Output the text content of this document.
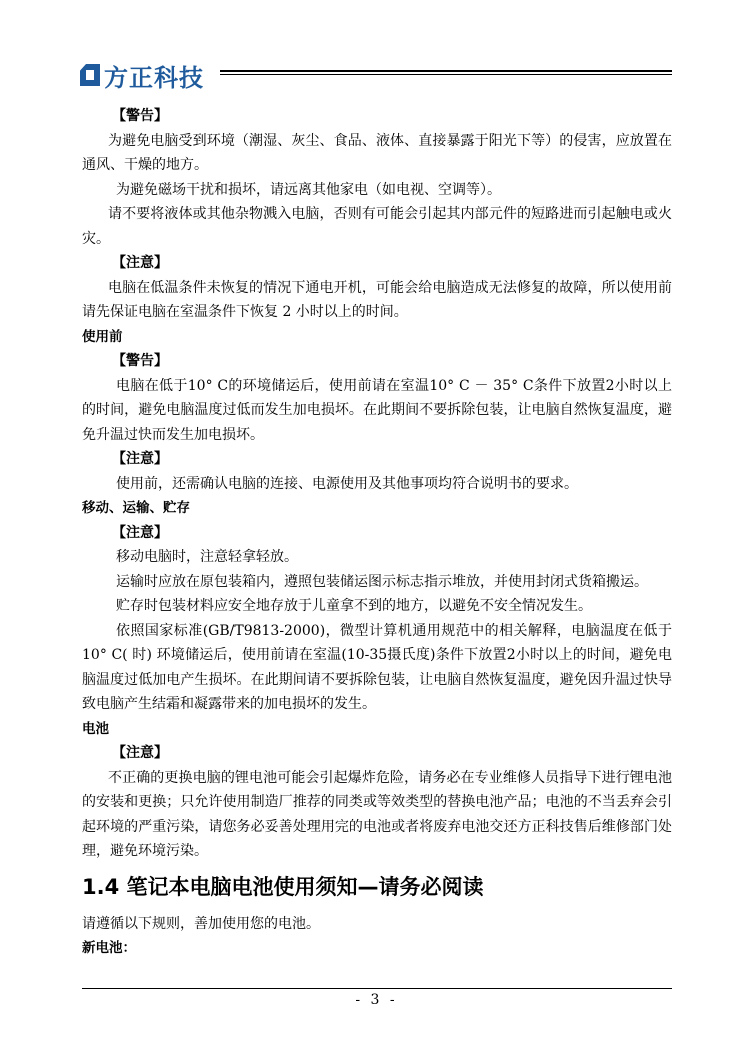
方正科技

【警告】

为避免电脑受到环境（潮湿、灰尘、食品、液体、直接暴露于阳光下等）的侵害，应放置在通风、干燥的地方。

为避免磁场干扰和损坏，请远离其他家电（如电视、空调等）。

请不要将液体或其他杂物溅入电脑，否则有可能会引起其内部元件的短路进而引起触电或火灾。

【注意】

电脑在低温条件未恢复的情况下通电开机，可能会给电脑造成无法修复的故障，所以使用前请先保证电脑在室温条件下恢复 2 小时以上的时间。

使用前

【警告】

电脑在低于10° C的环境储运后，使用前请在室温10° C － 35° C条件下放置2小时以上的时间，避免电脑温度过低而发生加电损坏。在此期间不要拆除包装，让电脑自然恢复温度，避免升温过快而发生加电损坏。

【注意】

使用前，还需确认电脑的连接、电源使用及其他事项均符合说明书的要求。

移动、运输、贮存

【注意】

移动电脑时，注意轻拿轻放。

运输时应放在原包装箱内，遵照包装储运图示标志指示堆放，并使用封闭式货箱搬运。

贮存时包装材料应安全地存放于儿童拿不到的地方，以避免不安全情况发生。

依照国家标准(GB/T9813-2000)，微型计算机通用规范中的相关解释，电脑温度在低于10° C( 时) 环境储运后，使用前请在室温(10-35摄氏度)条件下放置2小时以上的时间，避免电脑温度过低加电产生损坏。在此期间请不要拆除包装，让电脑自然恢复温度，避免因升温过快导致电脑产生结霜和凝露带来的加电损坏的发生。

电池

【注意】

不正确的更换电脑的锂电池可能会引起爆炸危险，请务必在专业维修人员指导下进行锂电池的安装和更换；只允许使用制造厂推荐的同类或等效类型的替换电池产品；电池的不当丢弃会引起环境的严重污染，请您务必妥善处理用完的电池或者将废弃电池交还方正科技售后维修部门处理，避免环境污染。

1.4 笔记本电脑电池使用须知—请务必阅读

请遵循以下规则，善加使用您的电池。

新电池：

- 3 -
